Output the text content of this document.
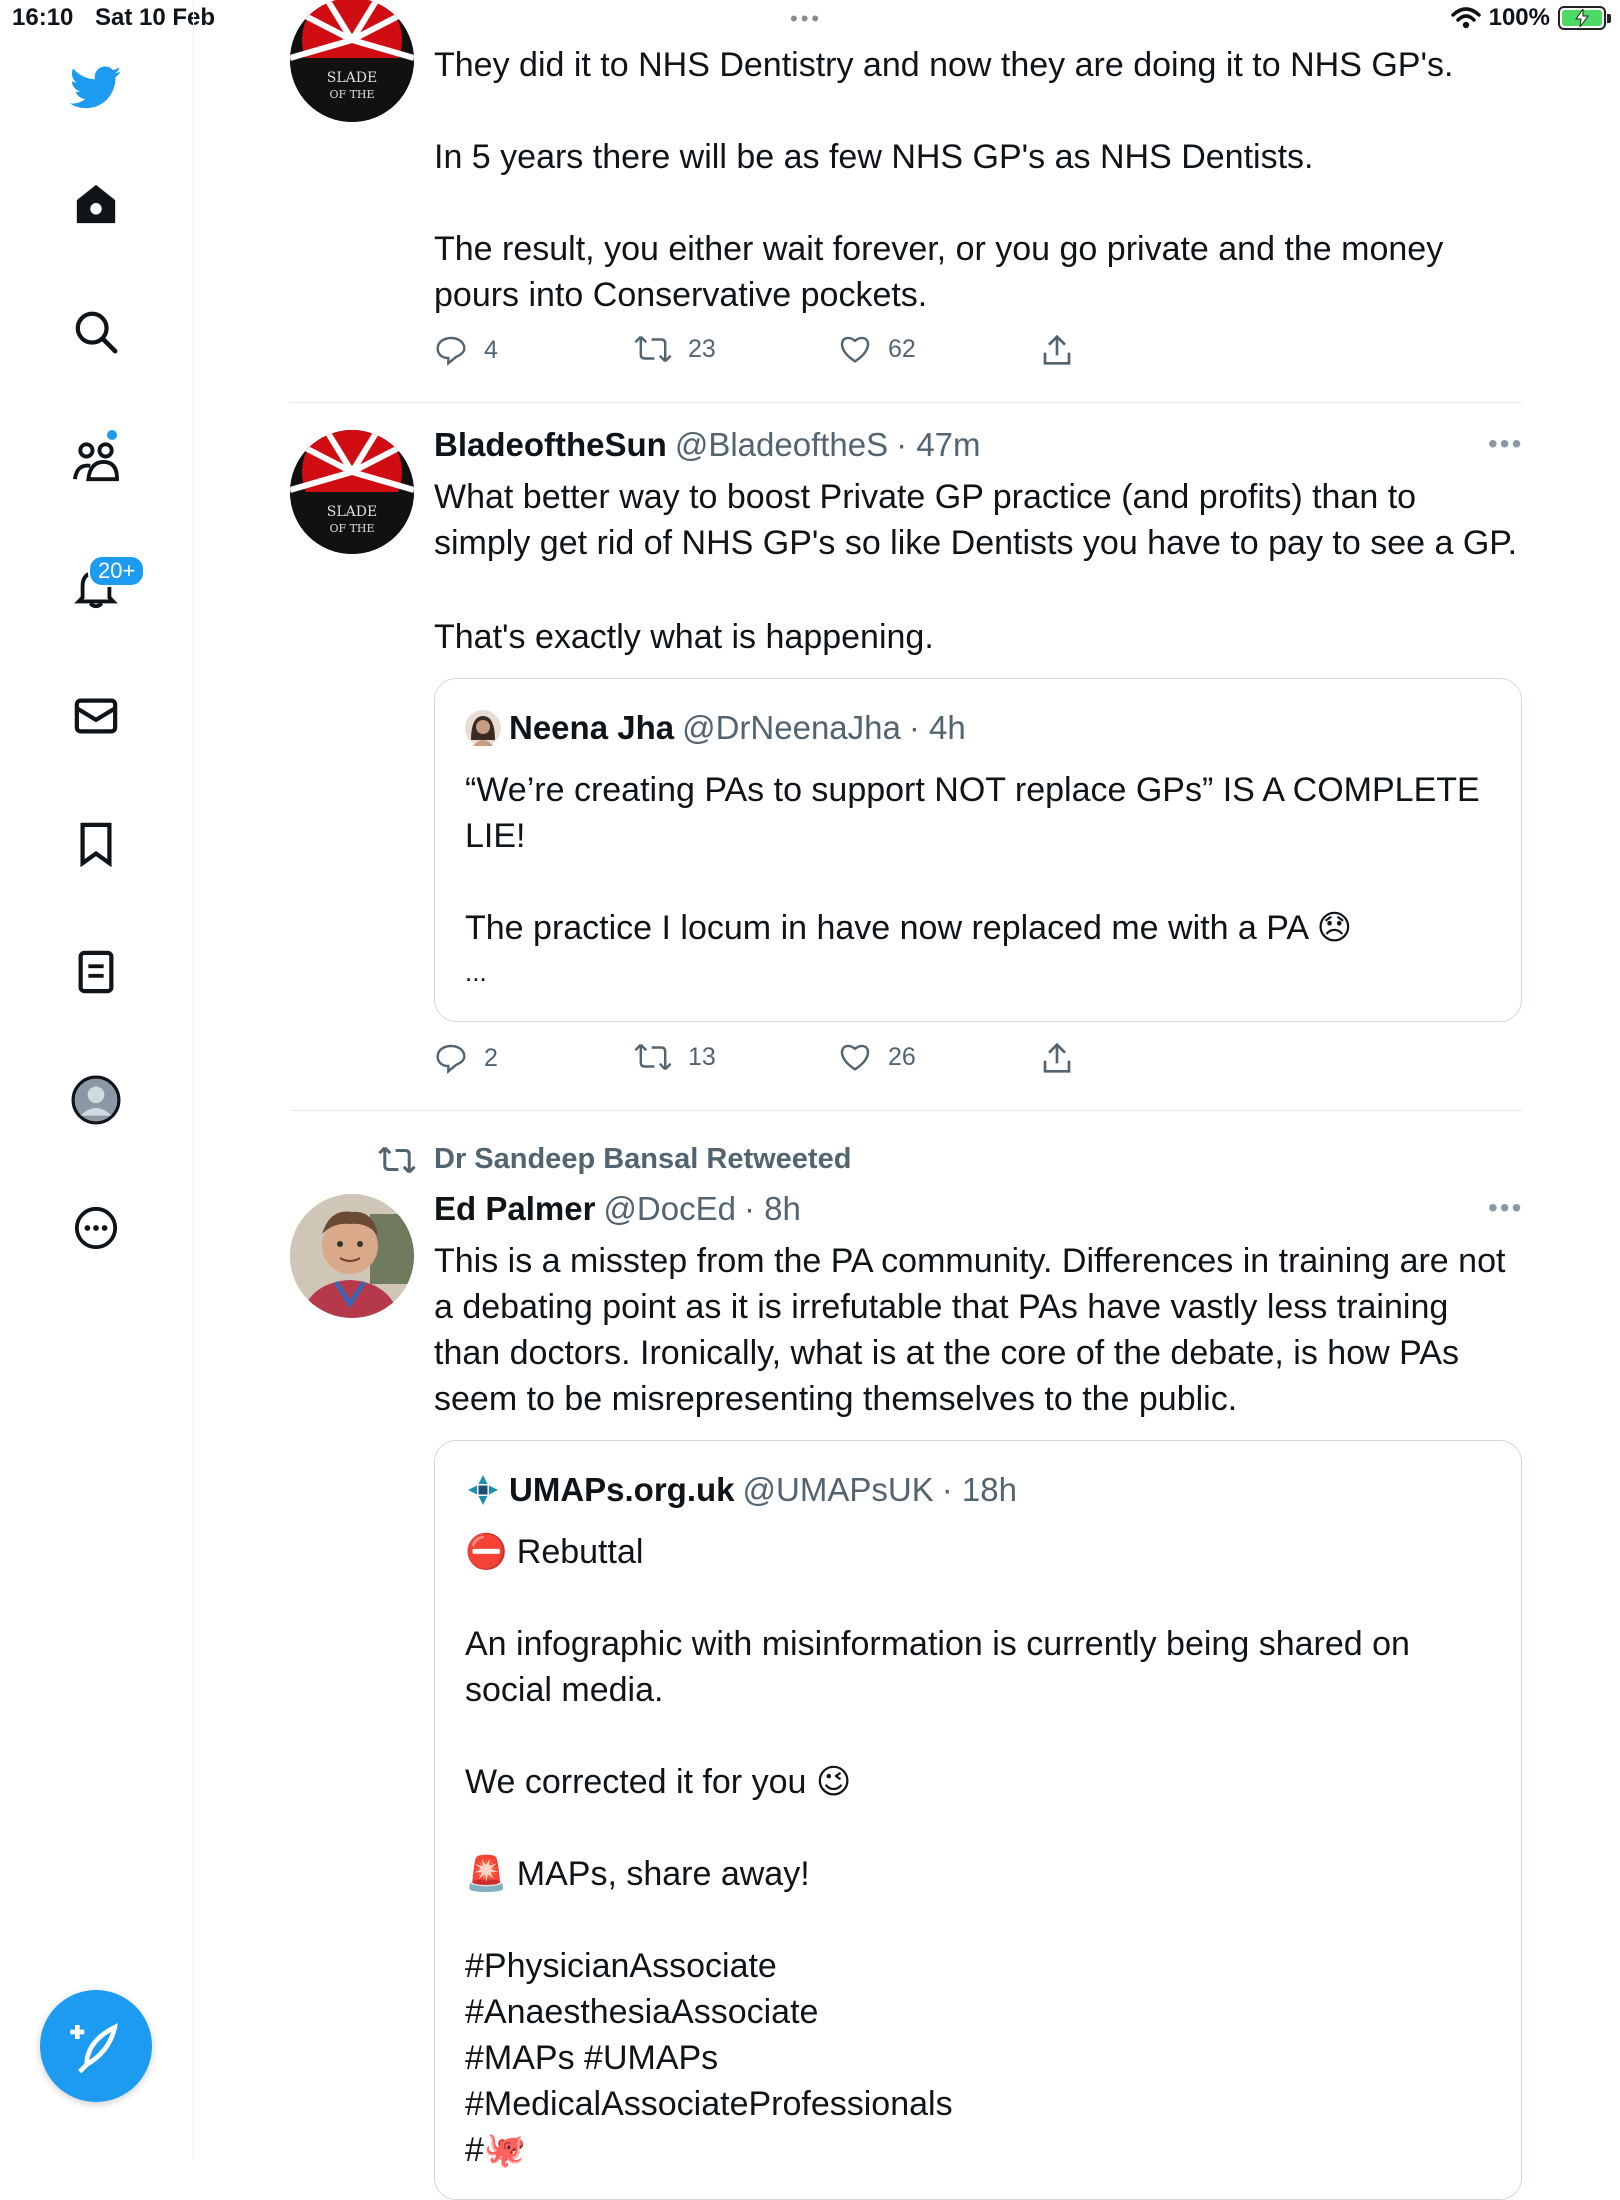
16:10 Sat 10 Feb	•••	100%
20+
SLADE
OF THE
They did it to NHS Dentistry and now they are doing it to NHS GP's.
In 5 years there will be as few NHS GP's as NHS Dentists.
The result, you either wait forever, or you go private and the money
pours into Conservative pockets.
4	23	62
SLADE
OF THE
BladeoftheSun @BladeoftheS · 47m	•••
What better way to boost Private GP practice (and profits) than to
simply get rid of NHS GP's so like Dentists you have to pay to see a GP.
That's exactly what is happening.
Neena Jha @DrNeenaJha · 4h
“We’re creating PAs to support NOT replace GPs” IS A COMPLETE
LIE!
The practice I locum in have now replaced me with a PA 😞
...
2	13	26
Dr Sandeep Bansal Retweeted
Ed Palmer @DocEd · 8h	•••
This is a misstep from the PA community. Differences in training are not
a debating point as it is irrefutable that PAs have vastly less training
than doctors. Ironically, what is at the core of the debate, is how PAs
seem to be misrepresenting themselves to the public.
UMAPs.org.uk @UMAPsUK · 18h
⛔ Rebuttal
An infographic with misinformation is currently being shared on
social media.
We corrected it for you 😉
🚨 MAPs, share away!
#PhysicianAssociate
#AnaesthesiaAssociate
#MAPs #UMAPs
#MedicalAssociateProfessionals
#🐙
